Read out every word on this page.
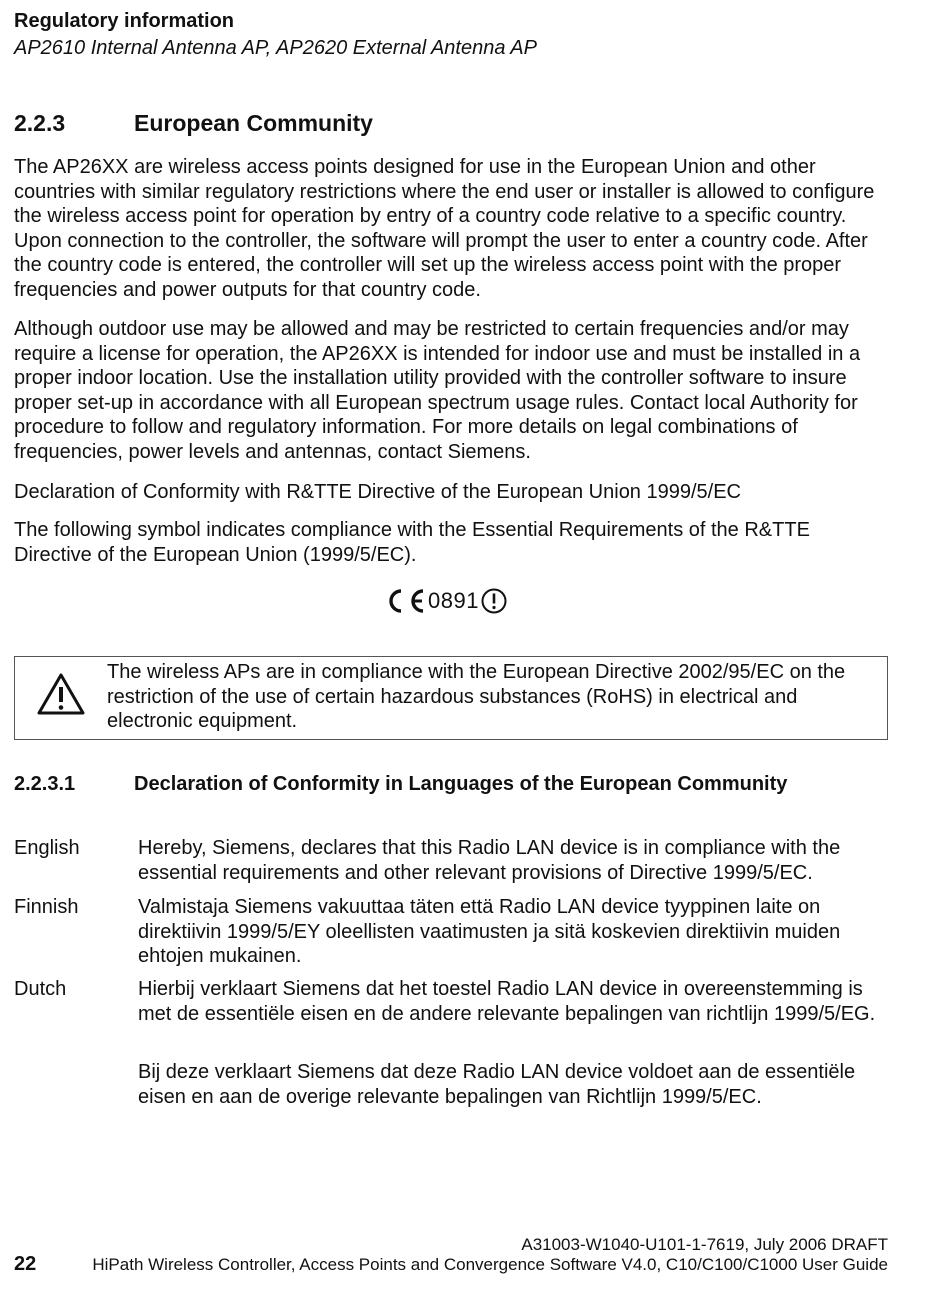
Regulatory information
AP2610 Internal Antenna AP, AP2620 External Antenna AP
2.2.3	European Community

The AP26XX are wireless access points designed for use in the European Union and other countries with similar regulatory restrictions where the end user or installer is allowed to configure the wireless access point for operation by entry of a country code relative to a specific country. Upon connection to the controller, the software will prompt the user to enter a country code. After the country code is entered, the controller will set up the wireless access point with the proper frequencies and power outputs for that country code.

Although outdoor use may be allowed and may be restricted to certain frequencies and/or may require a license for operation, the AP26XX is intended for indoor use and must be installed in a proper indoor location. Use the installation utility provided with the controller software to insure proper set-up in accordance with all European spectrum usage rules. Contact local Authority for procedure to follow and regulatory information. For more details on legal combinations of frequencies, power levels and antennas, contact Siemens.

Declaration of Conformity with R&TTE Directive of the European Union 1999/5/EC

The following symbol indicates compliance with the Essential Requirements of the R&TTE Directive of the European Union (1999/5/EC).

0891
The wireless APs are in compliance with the European Directive 2002/95/EC on the restriction of the use of certain hazardous substances (RoHS) in electrical and electronic equipment.
2.2.3.1	Declaration of Conformity in Languages of the European Community
English	Hereby, Siemens, declares that this Radio LAN device is in compliance with the essential requirements and other relevant provisions of Directive 1999/5/EC.
Finnish	Valmistaja Siemens vakuuttaa täten että Radio LAN device tyyppinen laite on direktiivin 1999/5/EY oleellisten vaatimusten ja sitä koskevien direktiivin muiden ehtojen mukainen.
Dutch	Hierbij verklaart Siemens dat het toestel Radio LAN device in overeenstemming is met de essentiële eisen en de andere relevante bepalingen van richtlijn 1999/5/EG.
Bij deze verklaart Siemens dat deze Radio LAN device voldoet aan de essentiële eisen en aan de overige relevante bepalingen van Richtlijn 1999/5/EC.
A31003-W1040-U101-1-7619, July 2006 DRAFT
22	HiPath Wireless Controller, Access Points and Convergence Software V4.0, C10/C100/C1000 User Guide
